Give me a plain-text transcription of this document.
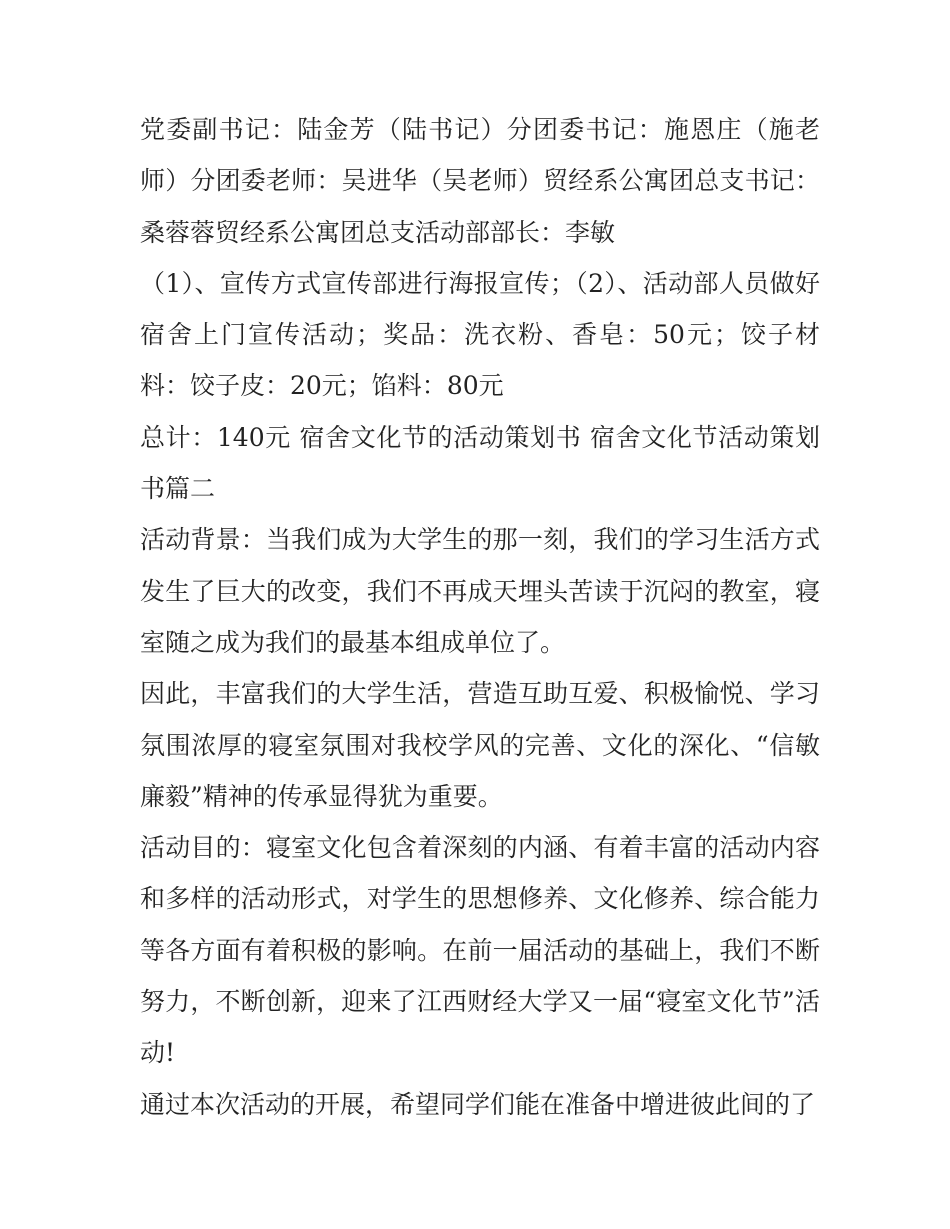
党委副书记：陆金芳（陆书记）分团委书记：施恩庄（施老师）分团委老师：吴进华（吴老师）贸经系公寓团总支书记：桑蓉蓉贸经系公寓团总支活动部部长：李敏

（1）、宣传方式宣传部进行海报宣传；（2）、活动部人员做好宿舍上门宣传活动；奖品：洗衣粉、香皂：50元；饺子材料：饺子皮：20元；馅料：80元

总计：140元 宿舍文化节的活动策划书 宿舍文化节活动策划书篇二

活动背景：当我们成为大学生的那一刻，我们的学习生活方式发生了巨大的改变，我们不再成天埋头苦读于沉闷的教室，寝室随之成为我们的最基本组成单位了。

因此，丰富我们的大学生活，营造互助互爱、积极愉悦、学习氛围浓厚的寝室氛围对我校学风的完善、文化的深化、“信敏廉毅”精神的传承显得犹为重要。

活动目的：寝室文化包含着深刻的内涵、有着丰富的活动内容和多样的活动形式，对学生的思想修养、文化修养、综合能力等各方面有着积极的影响。在前一届活动的基础上，我们不断努力，不断创新，迎来了江西财经大学又一届“寝室文化节”活动!

通过本次活动的开展，希望同学们能在准备中增进彼此间的了
